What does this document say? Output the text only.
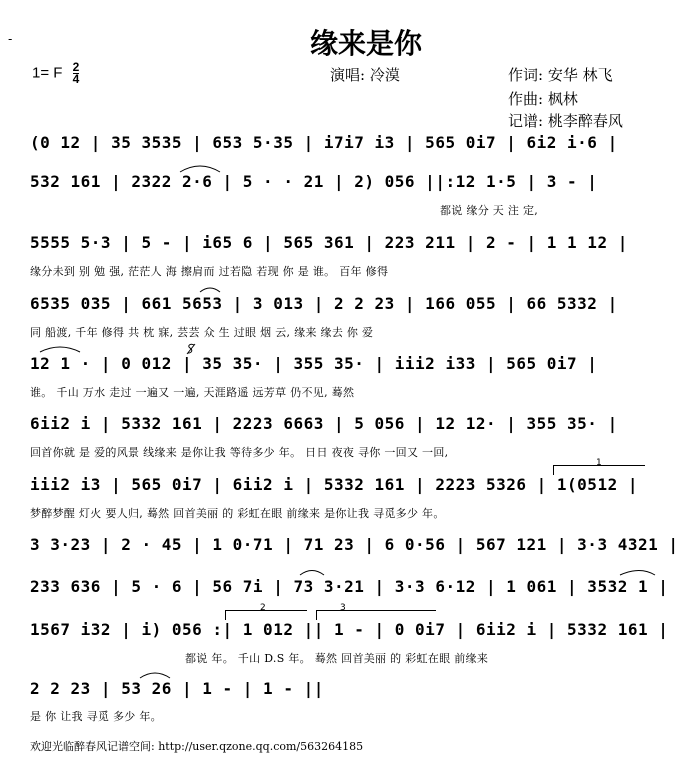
-	缘来是你
1= F $\frac{2}{4}$	演唱: 冷漠	作词: 安华 林飞
作曲: 枫林
记谱: 桃李醉春风
(0 12 | 35 3535 | 653 5·35 | i7i7 i3 | 565 0i7 | 6i2 i·6 |
532 161 | 2322 2·6 | 5 · · 21 | 2) 056 ||:12 1·5 | 3 - |
5555 5·3 | 5 - | i65 6 | 565 361 | 223 211 | 2 - | 1 1 12 |
6535 035 | 661 5653 | 3 013 | 2 2 23 | 166 055 | 66 5332 |
12 1 · | 0 012 | 35 35· | 355 35· | iii2 i33 | 565 0i7 |
6ii2 i | 5332 161 | 2223 6663 | 5 056 | 12 12· | 355 35· |
iii2 i3 | 565 0i7 | 6ii2 i | 5332 161 | 2223 5326 | 1(0512 |
3 3·23 | 2 · 45 | 1 0·71 | 71 23 | 6 0·56 | 567 121 | 3·3 4321 |
233 636 | 5 · 6 | 56 7i | 73 3·21 | 3·3 6·12 | 1 061 | 3532 1 |
1567 i32 | i) 056 :| 1 012 || 1 - | 0 0i7 | 6ii2 i | 5332 161 |
2 2 23 | 53 26 | 1 - | 1 - ||
都说 缘分 天 注 定,
缘分未到 别 勉 强, 茫茫人 海 擦肩而 过若隐 若现 你 是 谁。 百年 修得
同 船渡, 千年 修得 共 枕 寐, 芸芸 众 生 过眼 烟 云, 缘来 缘去 你 爱
谁。 千山 万水 走过 一遍又 一遍, 天涯路遥 远芳草 仍不见, 蓦然
回首你就 是 爱的风景 线缘来 是你让我 等待多少 年。 日日 夜夜 寻你 一回又 一回,
梦醉梦醒 灯火 要人归, 蓦然 回首美丽 的 彩虹在眼 前缘来 是你让我 寻觅多少 年。
都说 年。 千山 D.S 年。 蓦然 回首美丽 的 彩虹在眼 前缘来
是 你 让我 寻觅 多少 年。
1
2	3
欢迎光临醉春风记谱空间: http://user.qzone.qq.com/563264185
